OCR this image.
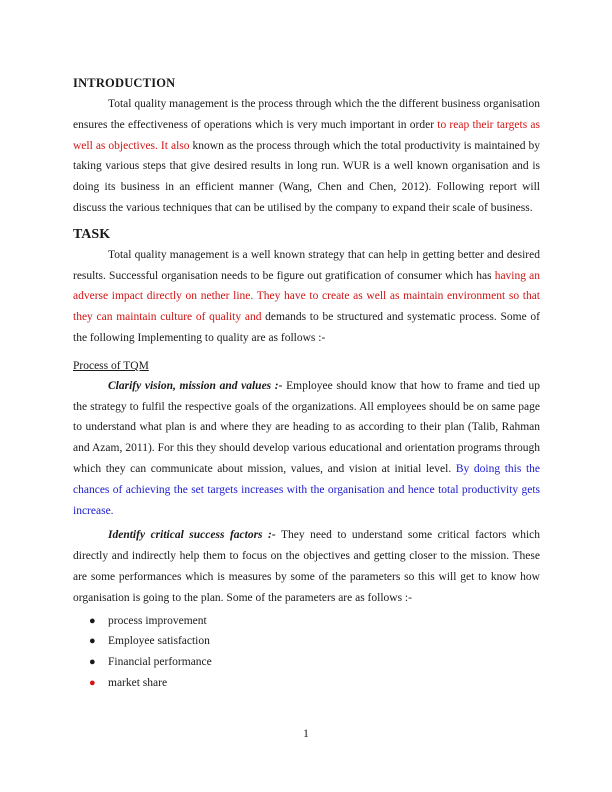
INTRODUCTION

Total quality management is the process through which the the different business organisation ensures the effectiveness of operations which is very much important in order to reap their targets as well as objectives. It also known as the process through which the total productivity is maintained by taking various steps that give desired results in long run. WUR is a well known organisation and is doing its business in an efficient manner (Wang, Chen and Chen, 2012). Following report will discuss the various techniques that can be utilised by the company to expand their scale of business.

TASK

Total quality management is a well known strategy that can help in getting better and desired results. Successful organisation needs to be figure out gratification of consumer which has having an adverse impact directly on nether line. They have to create as well as maintain environment so that they can maintain culture of quality and demands to be structured and systematic process. Some of the following Implementing to quality are as follows :-

Process of TQM

Clarify vision, mission and values :- Employee should know that how to frame and tied up the strategy to fulfil the respective goals of the organizations. All employees should be on same page to understand what plan is and where they are heading to as according to their plan (Talib, Rahman and Azam, 2011). For this they should develop various educational and orientation programs through which they can communicate about mission, values, and vision at initial level. By doing this the chances of achieving the set targets increases with the organisation and hence total productivity gets increase.

Identify critical success factors :- They need to understand some critical factors which directly and indirectly help them to focus on the objectives and getting closer to the mission. These are some performances which is measures by some of the parameters so this will get to know how organisation is going to the plan. Some of the parameters are as follows :-

● process improvement
● Employee satisfaction
● Financial performance
● market share
1
